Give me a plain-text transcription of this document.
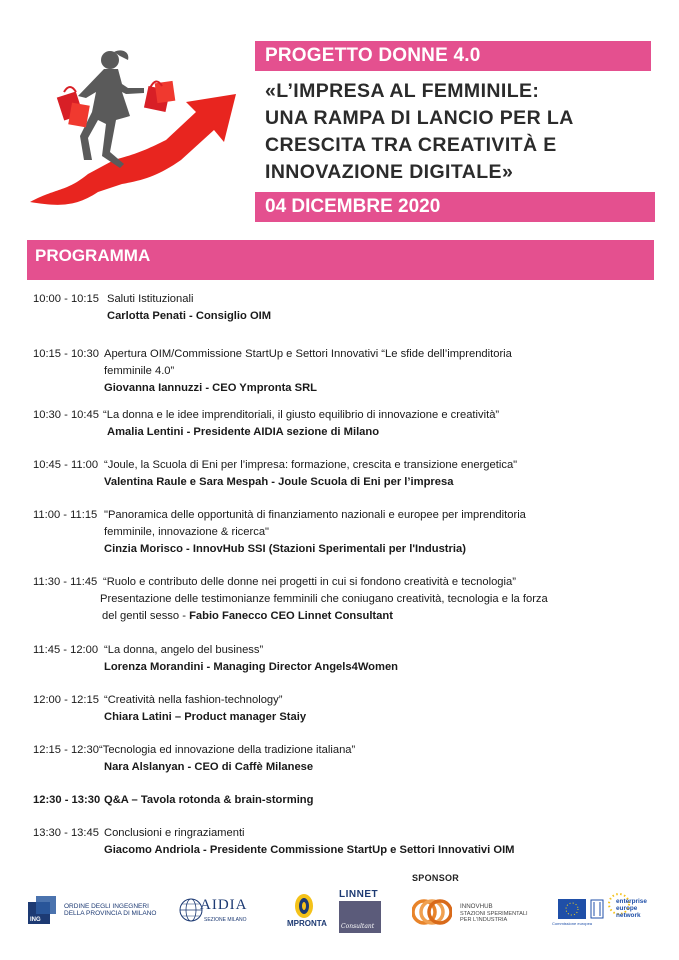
PROGETTO DONNE 4.0
«L’IMPRESA AL FEMMINILE:
UNA RAMPA DI LANCIO PER LA
CRESCITA TRA CREATIVITÀ E
INNOVAZIONE DIGITALE»
04 DICEMBRE 2020
PROGRAMMA
10:00 - 10:15 Saluti Istituzionali
Carlotta Penati - Consiglio OIM
10:15 - 10:30 Apertura OIM/Commissione StartUp e Settori Innovativi “Le sfide dell’imprenditoria
femminile 4.0”
Giovanna Iannuzzi - CEO Ympronta SRL
10:30 - 10:45 “La donna e le idee imprenditoriali, il giusto equilibrio di innovazione e creatività”
Amalia Lentini - Presidente AIDIA sezione di Milano
10:45 - 11:00 “Joule, la Scuola di Eni per l’impresa: formazione, crescita e transizione energetica"
Valentina Raule e Sara Mespah - Joule Scuola di Eni per l’impresa
11:00 - 11:15 "Panoramica delle opportunità di finanziamento nazionali e europee per imprenditoria
femminile, innovazione & ricerca"
Cinzia Morisco - InnovHub SSI (Stazioni Sperimentali per l'Industria)
11:30 - 11:45 “Ruolo e contributo delle donne nei progetti in cui si fondono creatività e tecnologia”
Presentazione delle testimonianze femminili che coniugano creatività, tecnologia e la forza
del gentil sesso - Fabio Fanecco CEO Linnet Consultant
11:45 - 12:00 “La donna, angelo del business”
Lorenza Morandini - Managing Director Angels4Women
12:00 - 12:15 “Creatività nella fashion-technology”
Chiara Latini – Product manager Staiy
12:15 - 12:30 “Tecnologia ed innovazione della tradizione italiana”
Nara Alslanyan - CEO di Caffè Milanese
12:30 - 13:30 Q&A – Tavola rotonda & brain-storming
13:30 - 13:45 Conclusioni e ringraziamenti
Giacomo Andriola - Presidente Commissione StartUp e Settori Innovativi OIM
SPONSOR
ING
ORDINE DEGLI INGEGNERI
DELLA PROVINCIA DI MILANO
AIDIA
SEZIONE MILANO	MPRONTA
LINNET
Consultant
INNOVHUB
STAZIONI SPERIMENTALI
PER L’INDUSTRIA
Commissione europea
enterprise
europe
network
